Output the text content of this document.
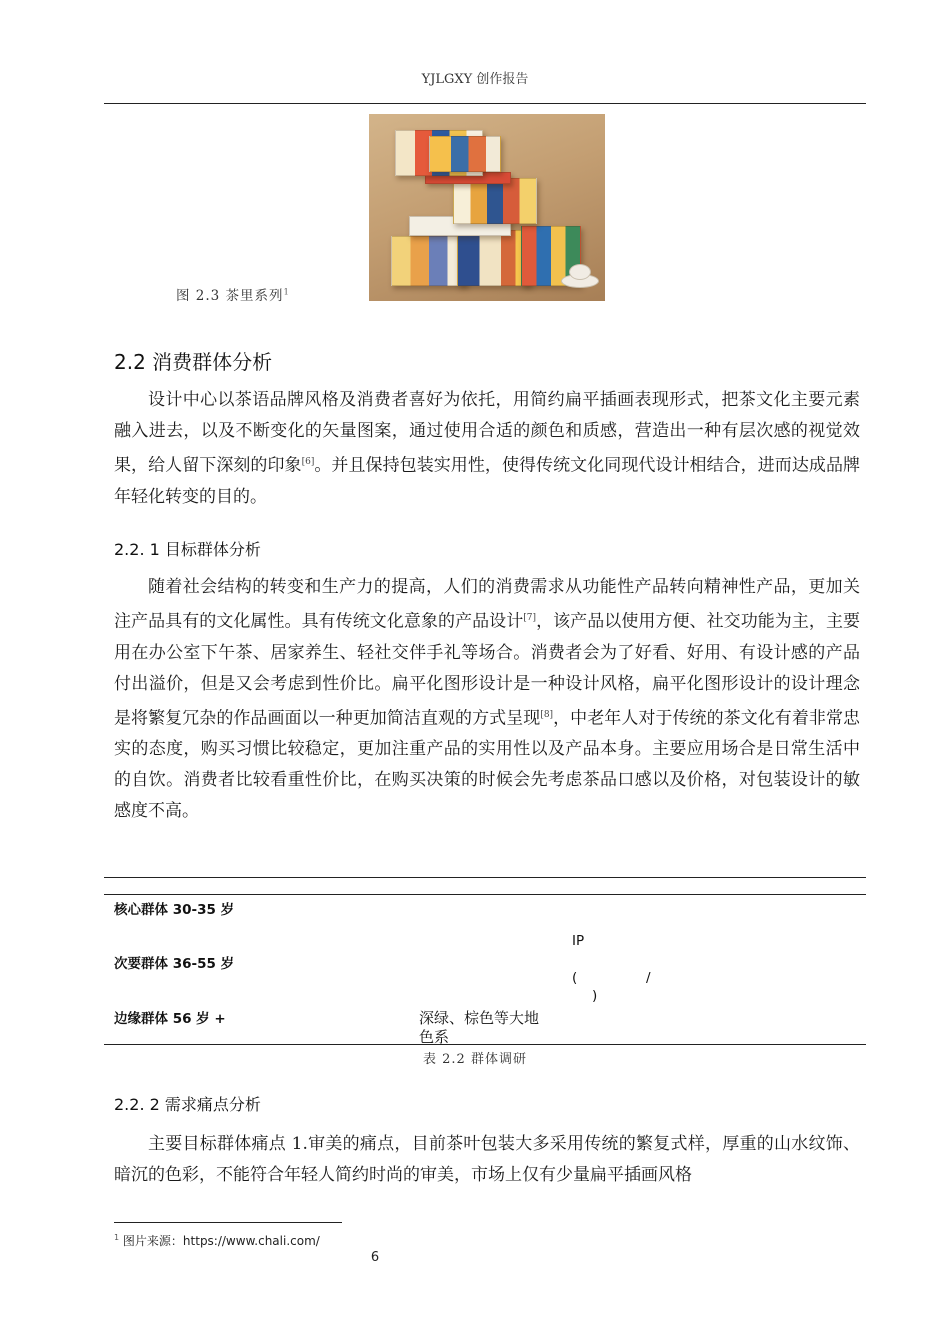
YJLGXY 创作报告
图 2.3 茶里系列$^1$
2.2 消费群体分析
设计中心以茶语品牌风格及消费者喜好为依托，用简约扁平插画表现形式，把茶文化主要元素融入进去，以及不断变化的矢量图案，通过使用合适的颜色和质感，营造出一种有层次感的视觉效果，给人留下深刻的印象[6]。并且保持包装实用性，使得传统文化同现代设计相结合，进而达成品牌年轻化转变的目的。
2.2. 1 目标群体分析
随着社会结构的转变和生产力的提高，人们的消费需求从功能性产品转向精神性产品，更加关注产品具有的文化属性。具有传统文化意象的产品设计[7]，该产品以使用方便、社交功能为主，主要用在办公室下午茶、居家养生、轻社交伴手礼等场合。消费者会为了好看、好用、有设计感的产品付出溢价，但是又会考虑到性价比。扁平化图形设计是一种设计风格，扁平化图形设计的设计理念是将繁复冗杂的作品画面以一种更加简洁直观的方式呈现[8]，中老年人对于传统的茶文化有着非常忠实的态度，购买习惯比较稳定，更加注重产品的实用性以及产品本身。主要应用场合是日常生活中的自饮。消费者比较看重性价比，在购买决策的时候会先考虑茶品口感以及价格，对包装设计的敏感度不高。
核心群体 30-35 岁
IP
次要群体 36-55 岁
(	/
)
边缘群体 56 岁 +	深绿、棕色等大地
色系
表 2.2 群体调研
2.2. 2 需求痛点分析
主要目标群体痛点 1.审美的痛点，目前茶叶包装大多采用传统的繁复式样，厚重的山水纹饰、暗沉的色彩，不能符合年轻人简约时尚的审美，市场上仅有少量扁平插画风格
$^1$ 图片来源：https://www.chali.com/
6
